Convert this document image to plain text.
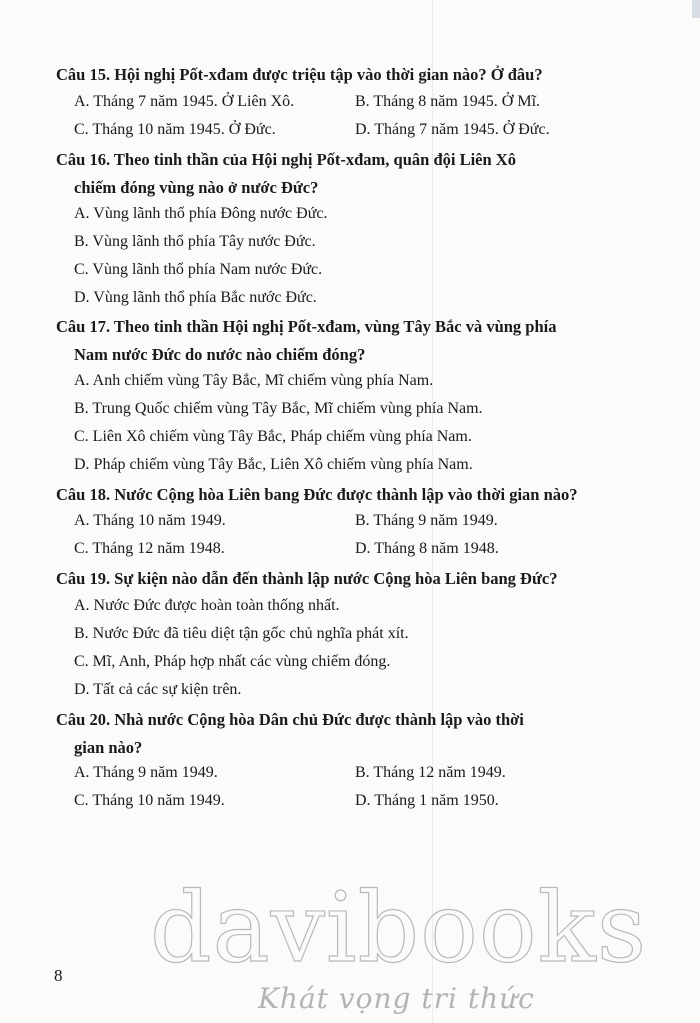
Câu 15. Hội nghị Pốt-xđam được triệu tập vào thời gian nào? Ở đâu?
A. Tháng 7 năm 1945. Ở Liên Xô.	B. Tháng 8 năm 1945. Ở Mĩ.
C. Tháng 10 năm 1945. Ở Đức.	D. Tháng 7 năm 1945. Ở Đức.
Câu 16. Theo tinh thần của Hội nghị Pốt-xđam, quân đội Liên Xô
chiếm đóng vùng nào ở nước Đức?
A. Vùng lãnh thổ phía Đông nước Đức.
B. Vùng lãnh thổ phía Tây nước Đức.
C. Vùng lãnh thổ phía Nam nước Đức.
D. Vùng lãnh thổ phía Bắc nước Đức.
Câu 17. Theo tinh thần Hội nghị Pốt-xđam, vùng Tây Bắc và vùng phía
Nam nước Đức do nước nào chiếm đóng?
A. Anh chiếm vùng Tây Bắc, Mĩ chiếm vùng phía Nam.
B. Trung Quốc chiếm vùng Tây Bắc, Mĩ chiếm vùng phía Nam.
C. Liên Xô chiếm vùng Tây Bắc, Pháp chiếm vùng phía Nam.
D. Pháp chiếm vùng Tây Bắc, Liên Xô chiếm vùng phía Nam.
Câu 18. Nước Cộng hòa Liên bang Đức được thành lập vào thời gian nào?
A. Tháng 10 năm 1949.	B. Tháng 9 năm 1949.
C. Tháng 12 năm 1948.	D. Tháng 8 năm 1948.
Câu 19. Sự kiện nào dẫn đến thành lập nước Cộng hòa Liên bang Đức?
A. Nước Đức được hoàn toàn thống nhất.
B. Nước Đức đã tiêu diệt tận gốc chủ nghĩa phát xít.
C. Mĩ, Anh, Pháp hợp nhất các vùng chiếm đóng.
D. Tất cả các sự kiện trên.
Câu 20. Nhà nước Cộng hòa Dân chủ Đức được thành lập vào thời
gian nào?
A. Tháng 9 năm 1949.	B. Tháng 12 năm 1949.
C. Tháng 10 năm 1949.	D. Tháng 1 năm 1950.
davibooks
Khát vọng tri thức
8
